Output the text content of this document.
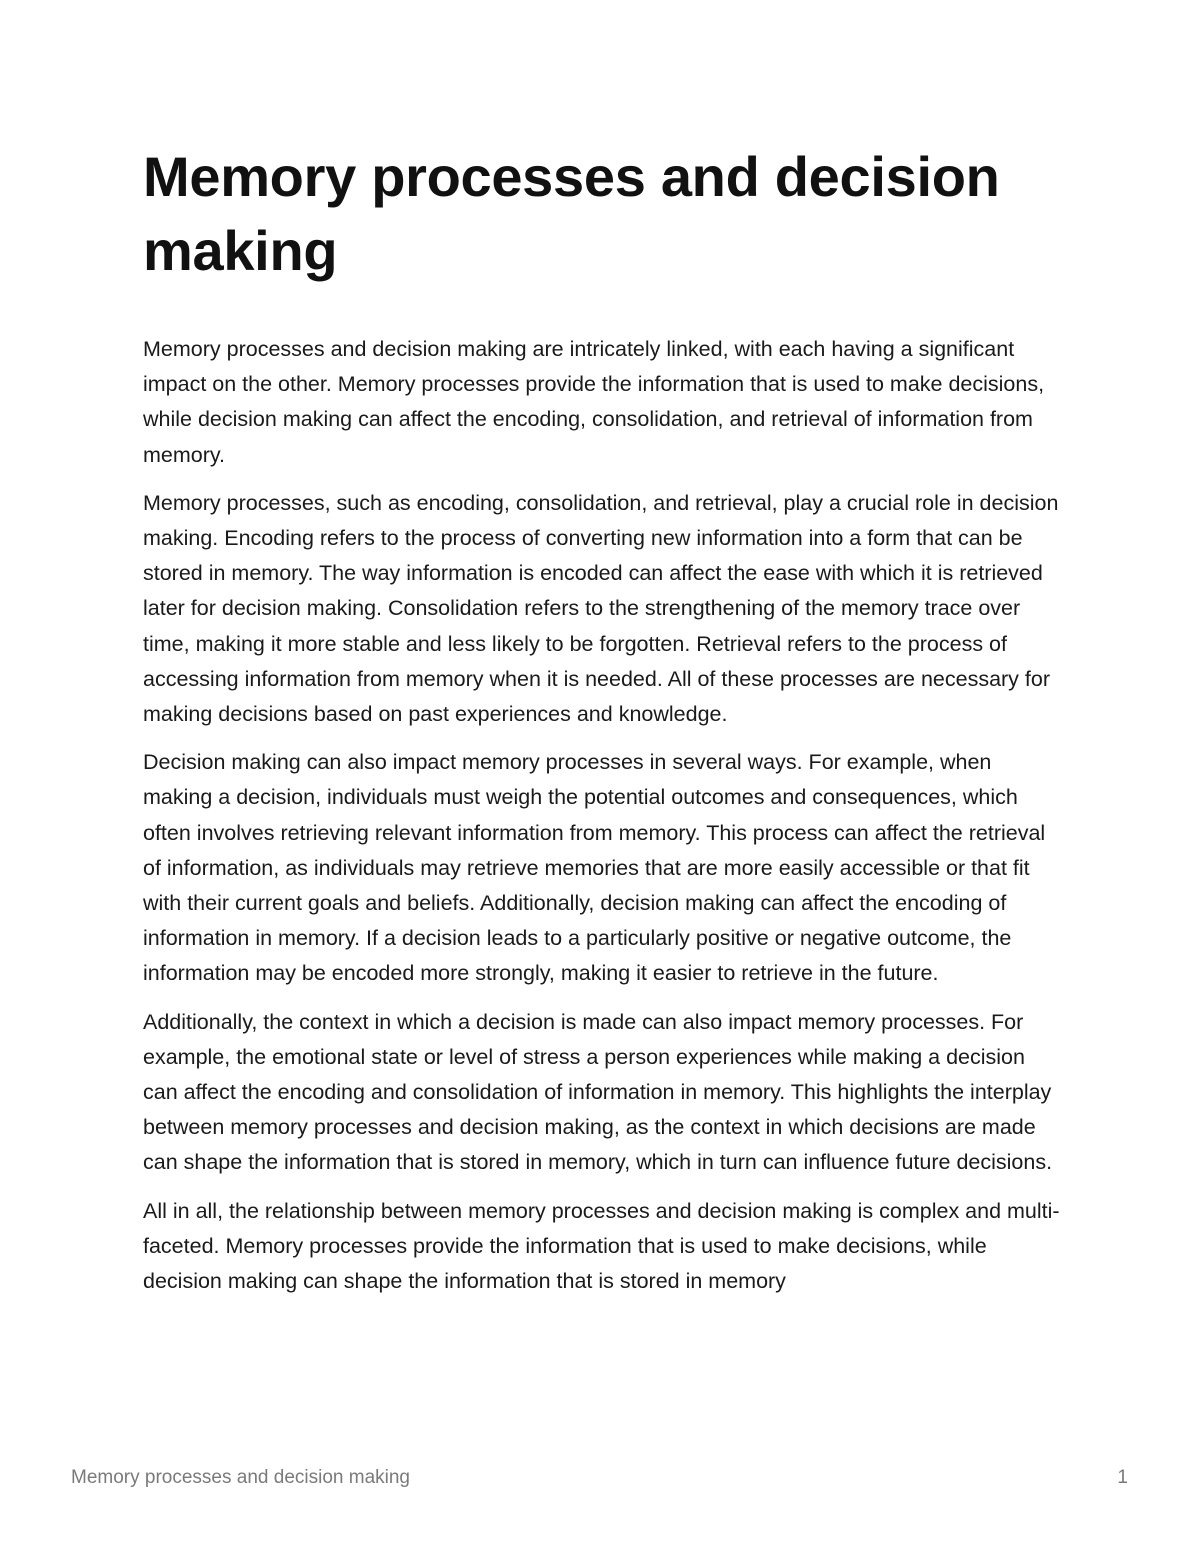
Memory processes and decision making

Memory processes and decision making are intricately linked, with each having a significant impact on the other. Memory processes provide the information that is used to make decisions, while decision making can affect the encoding, consolidation, and retrieval of information from memory.

Memory processes, such as encoding, consolidation, and retrieval, play a crucial role in decision making. Encoding refers to the process of converting new information into a form that can be stored in memory. The way information is encoded can affect the ease with which it is retrieved later for decision making. Consolidation refers to the strengthening of the memory trace over time, making it more stable and less likely to be forgotten. Retrieval refers to the process of accessing information from memory when it is needed. All of these processes are necessary for making decisions based on past experiences and knowledge.

Decision making can also impact memory processes in several ways. For example, when making a decision, individuals must weigh the potential outcomes and consequences, which often involves retrieving relevant information from memory. This process can affect the retrieval of information, as individuals may retrieve memories that are more easily accessible or that fit with their current goals and beliefs. Additionally, decision making can affect the encoding of information in memory. If a decision leads to a particularly positive or negative outcome, the information may be encoded more strongly, making it easier to retrieve in the future.

Additionally, the context in which a decision is made can also impact memory processes. For example, the emotional state or level of stress a person experiences while making a decision can affect the encoding and consolidation of information in memory. This highlights the interplay between memory processes and decision making, as the context in which decisions are made can shape the information that is stored in memory, which in turn can influence future decisions.

All in all, the relationship between memory processes and decision making is complex and multi-faceted. Memory processes provide the information that is used to make decisions, while decision making can shape the information that is stored in memory

Memory processes and decision making	1
